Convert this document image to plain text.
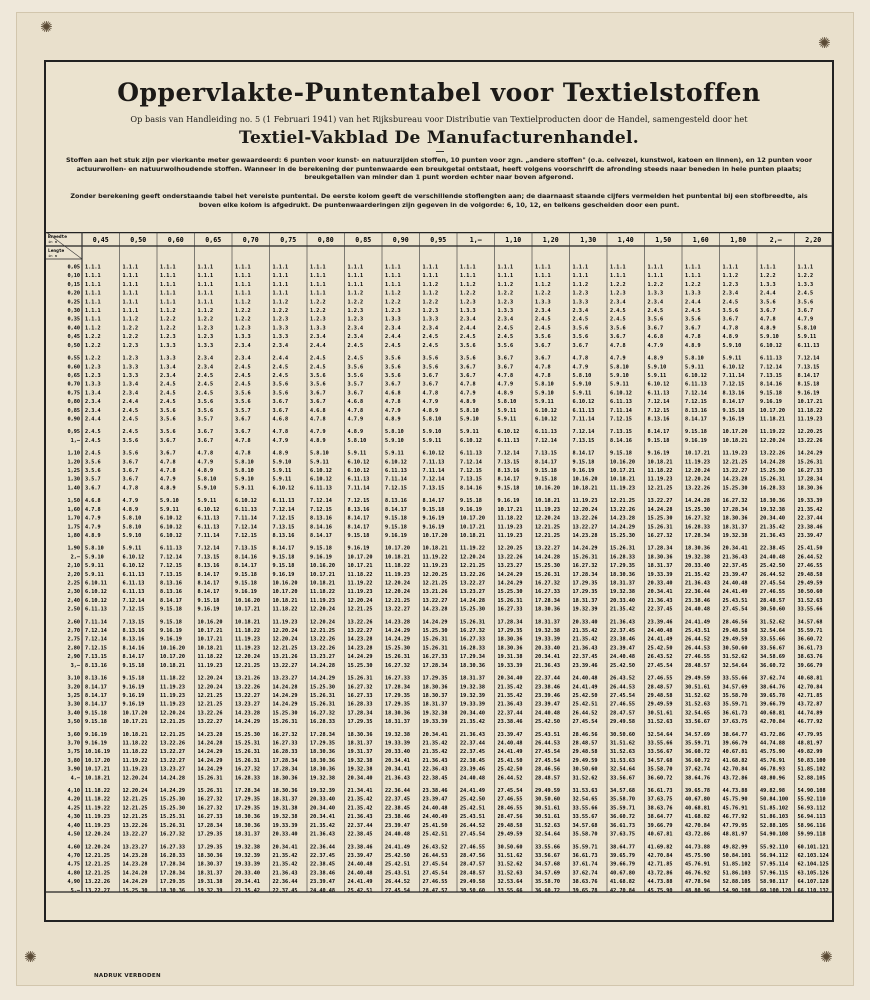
✺
✺
✺	✺
Oppervlakte-Puntentabel voor Textielstoffen
Op basis van Handleiding no. 5 (1 Februari 1941) van het Rijksbureau voor Distributie van Textielproducten door de Handel, samengesteld door het
Textiel-Vakblad De Manufacturenhandel.
Stoffen aan het stuk zijn per vierkante meter gewaardeerd: 6 punten voor kunst- en natuurzijden stoffen, 10 punten voor zgn. „andere stoffen" (o.a. celvezel, kunstwol, katoen en linnen), en 12 punten voor actuurwollen- en natuurwolhoudende stoffen. Wanneer in de berekening der puntenwaarde een breukgetal ontstaat, heeft volgens voorschrift de afronding steeds naar beneden in hele punten plaats; breukgetallen van minder dan 1 punt worden echter naar boven afgerond.
Zonder berekening geeft onderstaande tabel het vereiste puntental. De eerste kolom geeft de verschillende stoflengten aan; de daarnaast staande cijfers vermelden het puntental bij een stofbreedte, als boven elke kolom is afgedrukt. De puntenwaarderingen zijn gegeven in de volgorde: 6, 10, 12, en telkens gescheiden door een punt.
Breedte
in m
Lengte
in m
0,45	0,50	0,60	0,65	0,70	0,75	0,80	0,85	0,90	0,95	1,—	1,10	1,20	1,30	1,40	1,50	1,60	1,80	2,—	2,20
0,05 1.1.1	1.1.1	1.1.1	1.1.1	1.1.1	1.1.1	1.1.1	1.1.1	1.1.1	1.1.1	1.1.1	1.1.1	1.1.1	1.1.1	1.1.1	1.1.1	1.1.1	1.1.1	1.1.1	1.1.1
0,10 1.1.1	1.1.1	1.1.1	1.1.1	1.1.1	1.1.1	1.1.1	1.1.1	1.1.1	1.1.1	1.1.1	1.1.1	1.1.1	1.1.1	1.1.1	1.1.1	1.1.1	1.1.2	1.2.2	1.2.2
0,15 1.1.1	1.1.1	1.1.1	1.1.1	1.1.1	1.1.1	1.1.1	1.1.1	1.1.1	1.1.2	1.1.2	1.1.2	1.1.2	1.1.2	1.2.2	1.2.2	1.2.2	1.2.3	1.3.3	1.3.3
0,20 1.1.1	1.1.1	1.1.1	1.1.1	1.1.1	1.1.1	1.1.1	1.1.2	1.1.2	1.1.2	1.2.2	1.2.2	1.2.2	1.2.3	1.2.3	1.3.3	1.3.3	2.3.4	2.4.4	2.4.5
0,25 1.1.1	1.1.1	1.1.1	1.1.1	1.1.2	1.1.2	1.2.2	1.2.2	1.2.2	1.2.2	1.2.3	1.2.3	1.3.3	1.3.3	2.3.4	2.3.4	2.4.4	2.4.5	3.5.6	3.5.6
0,30 1.1.1	1.1.1	1.1.2	1.1.2	1.2.2	1.2.2	1.2.2	1.2.3	1.2.3	1.2.3	1.3.3	1.3.3	2.3.4	2.3.4	2.4.5	2.4.5	2.4.5	3.5.6	3.6.7	3.6.7
0,35 1.1.1	1.1.2	1.2.2	1.2.2	1.2.2	1.2.3	1.2.3	1.2.3	1.3.3	1.3.3	2.3.4	2.3.4	2.4.5	2.4.5	2.4.5	3.5.6	3.5.6	3.6.7	4.7.8	4.7.9
0,40 1.1.2	1.2.2	1.2.2	1.2.3	1.2.3	1.3.3	1.3.3	2.3.4	2.3.4	2.3.4	2.4.4	2.4.5	2.4.5	3.5.6	3.5.6	3.6.7	3.6.7	4.7.8	4.8.9	5.8.10
0,45 1.2.2	1.2.2	1.2.3	1.2.3	1.3.3	1.3.3	2.3.4	2.3.4	2.4.4	2.4.5	2.4.5	2.4.5	3.5.6	3.5.6	3.6.7	4.6.8	4.7.8	4.8.9	5.9.10	5.9.11
0,50 1.2.2	1.2.3	1.3.3	1.3.3	2.3.4	2.3.4	2.4.4	2.4.5	2.4.5	2.4.5	3.5.6	3.5.6	3.6.7	3.6.7	4.7.8	4.7.9	4.8.9	5.9.10	6.10.12	6.11.13
0,55 1.2.2	1.2.3	1.3.3	2.3.4	2.3.4	2.4.4	2.4.5	2.4.5	3.5.6	3.5.6	3.5.6	3.6.7	3.6.7	4.7.8	4.7.9	4.8.9	5.8.10	5.9.11	6.11.13	7.12.14
0,60 1.2.3	1.3.3	1.3.4	2.3.4	2.4.5	2.4.5	2.4.5	3.5.6	3.5.6	3.5.6	3.6.7	3.6.7	4.7.8	4.7.9	5.8.10	5.9.10	5.9.11	6.10.12	7.12.14	7.13.15
0,65 1.2.3	1.3.3	2.3.4	2.4.5	2.4.5	2.4.5	3.5.6	3.5.6	3.5.6	3.6.7	3.6.7	4.7.8	4.7.8	5.8.10	5.9.10	5.9.11	6.10.12	7.11.14	7.13.15	8.14.17
0,70 1.3.3	1.3.4	2.4.5	2.4.5	2.4.5	3.5.6	3.5.6	3.5.7	3.6.7	3.6.7	4.7.8	4.7.9	5.8.10	5.9.10	5.9.11	6.10.12	6.11.13	7.12.15	8.14.16	8.15.18
0,75 1.3.4	2.3.4	2.4.5	2.4.5	3.5.6	3.5.6	3.6.7	3.6.7	4.6.8	4.7.8	4.7.9	4.8.9	5.9.10	5.9.11	6.10.12	6.11.13	7.12.14	8.13.16	9.15.18	9.16.19
0,80 2.3.4	2.4.4	2.4.5	3.5.6	3.5.6	3.6.7	3.6.7	4.6.8	4.7.8	4.7.9	4.8.9	5.8.10	5.9.11	6.10.12	6.11.13	7.12.14	7.12.15	8.14.17	9.16.19	10.17.21
0,85 2.3.4	2.4.5	3.5.6	3.5.6	3.5.7	3.6.7	4.6.8	4.7.8	4.7.9	4.8.9	5.8.10	5.9.11	6.10.12	6.11.13	7.11.14	7.12.15	8.13.16	9.15.18	10.17.20 11.18.22
0,90 2.4.4	2.4.5	3.5.6	3.5.7	3.6.7	4.6.8	4.7.8	4.7.9	4.8.9	5.8.10	5.9.10	5.9.11	6.10.12	7.11.14	7.12.15	8.13.16	8.14.17	9.16.19	11.18.21 11.19.23
0,95 2.4.5	2.4.5	3.5.6	3.6.7	3.6.7	4.7.8	4.7.9	4.8.9	5.8.10	5.9.10	5.9.11	6.10.12	6.11.13	7.12.14	7.13.15	8.14.17	9.15.18	10.17.20 11.19.22 12.20.25
1,— 2.4.5	3.5.6	3.6.7	3.6.7	4.7.8	4.7.9	4.8.9	5.8.10	5.9.10	5.9.11	6.10.12	6.11.13	7.12.14	7.13.15	8.14.16	9.15.18	9.16.19	10.18.21 12.20.24 13.22.26
1,10 2.4.5	3.5.6	3.6.7	4.7.8	4.7.8	4.8.9	5.8.10	5.9.11	5.9.11	6.10.12	6.11.13	7.12.14	7.13.15	8.14.17	9.15.18	9.16.19	10.17.21 11.19.23 13.22.26 14.24.29
1,20 3.5.6	3.6.7	4.7.8	4.7.9	5.8.10	5.9.10	5.9.11	6.10.12	6.10.12	7.11.13	7.12.14	7.13.15	8.14.17	9.15.18	10.16.20 10.18.21 11.19.23 12.21.25 14.24.28 15.26.31
1,25 3.5.6	3.6.7	4.7.8	4.8.9	5.8.10	5.9.11	6.10.12	6.10.12	6.11.13	7.11.14	7.12.15	8.13.16	9.15.18	9.16.19	10.17.21 11.18.22 12.20.24 13.22.27 15.25.30 16.27.33
1,30 3.5.7	3.6.7	4.7.9	5.8.10	5.9.10	5.9.11	6.10.12	6.11.13	7.11.14	7.12.14	7.13.15	8.14.17	9.15.18	10.16.20 10.18.21 11.19.23 12.20.24 14.23.28 15.26.31 17.28.34
1,40 3.6.7	4.7.8	4.8.9	5.9.10	5.9.11	6.10.12	6.11.13	7.11.14	7.12.15	7.13.15	8.14.16	9.15.18	10.16.20 10.18.21 11.19.23 12.21.25 13.22.26 15.25.30 16.28.33 18.30.36
1,50 4.6.8	4.7.9	5.9.10	5.9.11	6.10.12	6.11.13	7.12.14	7.12.15	8.13.16	8.14.17	9.15.18	9.16.19	10.18.21 11.19.23 12.21.25 13.22.27 14.24.28 16.27.32 18.30.36 19.33.39
1,60 4.7.8	4.8.9	5.9.11	6.10.12	6.11.13	7.12.14	7.12.15	8.13.16	8.14.17	9.15.18	9.16.19	10.17.21 11.19.23 12.20.24 13.22.26 14.24.28 15.25.30 17.28.34 19.32.38 21.35.42
1,70 4.7.9	5.8.10	6.10.12	6.11.13	7.11.14	7.12.15	8.13.16	8.14.17	9.15.18	9.16.19	10.17.20 11.18.22 12.20.24 13.22.26 14.23.28 15.25.30 16.27.32 18.30.36 20.34.40 22.37.44
1,75 4.7.9	5.8.10	6.10.12	6.11.13	7.12.14	7.13.15	8.14.16	8.14.17	9.15.18	9.16.19	10.17.21 11.19.23 12.21.25 13.22.27 14.24.29 15.26.31 16.28.33 18.31.37 21.35.42 23.38.46
1,80 4.8.9	5.9.10	6.10.12	7.11.14	7.12.15	8.13.16	8.14.17	9.15.18	9.16.19	10.17.20 10.18.21 11.19.23 12.21.25 14.23.28 15.25.30 16.27.32 17.28.34 19.32.38 21.36.43 23.39.47
1,90 5.8.10	5.9.11	6.11.13	7.12.14	7.13.15	8.14.17	9.15.18	9.16.19	10.17.20 10.18.21 11.19.22 12.20.25 13.22.27 14.24.29 15.26.31 17.28.34 18.30.36 20.34.41 22.38.45 25.41.50
2,— 5.9.10	6.10.12	7.12.14	7.13.15	8.14.16	9.15.18	9.16.19	10.17.20 10.18.21 11.19.22 12.20.24 13.22.26 14.24.28 15.26.31 16.28.33 18.30.36 19.32.38 21.36.43 24.40.48 26.44.52
2,10 5.9.11	6.10.12	7.12.15	8.13.16	8.14.17	9.15.18	10.16.20 10.17.21 11.18.22 11.19.23 12.21.25 13.23.27 15.25.30 16.27.32 17.29.35 18.31.37 20.33.40 22.37.45 25.42.50 27.46.55
2,20 5.9.11	6.11.13	7.13.15	8.14.17	9.15.18	9.16.19	10.17.21 11.18.22 11.19.23 12.20.25 13.22.26 14.24.29 15.26.31 17.28.34 18.30.36 19.33.39 21.35.42 23.39.47 26.44.52 29.48.58
2,25 6.10.11	6.11.13	8.13.16	8.14.17	9.15.18	10.16.20 10.18.21 11.19.22 12.20.24 12.21.25 13.22.27 14.24.29 16.27.32 17.29.35 18.31.37 20.33.40 21.36.43 24.40.48 27.45.54 29.49.59
2,30 6.10.12	6.11.13	8.13.16	8.14.17	9.16.19	10.17.20 11.18.22 11.19.23 12.20.24 13.21.26 13.23.27 15.25.30 16.27.33 17.29.35 19.32.38 20.34.41 22.36.44 24.41.49 27.46.55 30.50.60
2,40 6.10.12	7.12.14	8.14.17	9.15.18	10.16.20 10.18.21 11.19.23 12.20.24 12.21.25 13.22.27 14.24.28 15.26.31 17.28.34 18.31.37 20.33.40 21.36.43 23.38.46 25.43.51 28.48.57 31.52.63
2,50 6.11.13	7.12.15	9.15.18	9.16.19	10.17.21 11.18.22 12.20.24 12.21.25 13.22.27 14.23.28 15.25.30 16.27.33 18.30.36 19.32.39 21.35.42 22.37.45 24.40.48 27.45.54 30.50.60 33.55.66
2,60 7.11.14	7.13.15	9.15.18	10.16.20 10.18.21 11.19.23 12.20.24 13.22.26 14.23.28 14.24.29 15.26.31 17.28.34 18.31.37 20.33.40 21.36.43 23.39.46 24.41.49 28.46.56 31.52.62 34.57.68
2,70 7.12.14	8.13.16	9.16.19	10.17.21 11.18.22 12.20.24 12.21.25 13.22.27 14.24.29 15.25.30 16.27.32 17.29.35 19.32.38 21.35.42 22.37.45 24.40.48 25.43.51 29.48.58 32.54.64 35.59.71
2,75 7.12.14	8.13.16	9.16.19	10.17.21 11.19.23 12.20.24 13.22.26 14.23.28 14.24.29 15.26.31 16.27.33 18.30.36 19.33.39 21.35.42 23.38.46 24.41.49 26.44.52 29.49.59 33.55.66 36.60.72
2,80 7.12.15	8.14.16	10.16.20 10.18.21 11.19.23 12.21.25 13.22.26 14.23.28 15.25.30 15.26.31 16.28.33 18.30.36 20.33.40 21.36.43 23.39.47 25.42.50 26.44.53 30.50.60 33.56.67 36.61.73
2,90 7.13.15	8.14.17	10.17.20 11.18.22 12.20.24 13.21.26 13.23.27 14.24.29 15.26.31 16.27.33 17.29.34 19.31.38 20.34.41 22.37.45 24.40.48 26.43.52 27.46.55 31.52.62 34.58.69 38.63.76
3,— 8.13.16	9.15.18	10.18.21 11.19.23 12.21.25 13.22.27 14.24.28 15.25.30 16.27.32 17.28.34 18.30.36 19.33.39 21.36.43 23.39.46 25.42.50 27.45.54 28.48.57 32.54.64 36.60.72 39.66.79
3,10 8.13.16	9.15.18	11.18.22 12.20.24 13.21.26 13.23.27 14.24.29 15.26.31 16.27.33 17.29.35 18.31.37 20.34.40 22.37.44 24.40.48 26.43.52 27.46.55 29.49.59 33.55.66 37.62.74 40.68.81
3,20 8.14.17	9.16.19	11.19.23 12.20.24 13.22.26 14.24.28 15.25.30 16.27.32 17.28.34 18.30.36 19.32.38 21.35.42 23.38.46 24.41.49 26.44.53 28.48.57 30.51.61 34.57.69 38.64.76 42.70.84
3,25 8.14.17	9.16.19	11.19.23 12.21.25 13.22.27 14.24.29 15.26.31 16.27.33 17.29.35 18.30.37 19.32.39 21.35.42 23.39.46 25.42.50 27.45.54 29.48.58 31.52.62 35.58.70 39.65.78 42.71.85
3,30 8.14.17	9.16.19	11.19.23 12.21.25 13.23.27 14.24.29 15.26.31 16.28.33 17.29.35 18.31.37 19.33.39 21.36.43 23.39.47 25.42.51 27.46.55 29.49.59 31.52.63 35.59.71 39.66.79 43.72.87
3,40 9.15.18	10.17.20 12.20.24 13.22.26 14.23.28 15.25.30 16.27.32 17.28.34 18.30.36 19.32.38 20.34.40 22.37.44 24.40.48 26.44.52 28.47.57 30.51.61 32.54.65 36.61.73 40.68.81 44.74.89
3,50 9.15.18	10.17.21 12.21.25 13.22.27 14.24.29 15.26.31 16.28.33 17.29.35 18.31.37 19.33.39 21.35.42 23.38.46 25.42.50 27.45.54 29.49.58 31.52.63 33.56.67 37.63.75 42.70.84 46.77.92
3,60 9.16.19	10.18.21 12.21.25 14.23.28 15.25.30 16.27.32 17.28.34 18.30.36 19.32.38 20.34.41 21.36.43 23.39.47 25.43.51 28.46.56 30.50.60 32.54.64 34.57.69 38.64.77 43.72.86 47.79.95
3,70 9.16.19	11.18.22 13.22.26 14.24.28 15.25.31 16.27.33 17.29.35 18.31.37 19.33.39 21.35.42 22.37.44 24.40.48 26.44.53 28.48.57 31.51.62 33.55.66 35.59.71 39.66.79 44.74.88 48.81.97
3,75 10.16.19 11.18.22 13.22.27 14.24.29 15.26.31 16.28.33 18.30.36 19.31.37 20.33.40 21.35.42 22.37.45 24.41.49 27.45.54 29.48.58 31.52.63 33.56.67 36.60.72 40.67.81 45.75.90 49.82.99
3,80 10.17.20 11.19.22 13.22.27 14.24.29 15.26.31 17.28.34 18.30.36 19.32.38 20.34.41 21.36.43 22.38.45 25.41.50 27.45.54 29.49.59 31.53.63 34.57.68 36.60.72 41.68.82 45.76.91 50.83.100
3,90 10.17.21 11.19.23 13.23.27 14.24.29 16.27.32 17.28.34 18.30.36 19.32.38 20.34.41 22.36.43 23.39.46 25.42.50 28.46.56 30.50.60 32.54.64 35.58.70 37.62.74 42.70.84 46.78.93 51.85.102
4,— 10.18.21 12.20.24 14.24.28 15.26.31 16.28.33 18.30.36 19.32.38 20.34.40 21.36.43 22.38.45 24.40.48 26.44.52 28.48.57 31.52.62 33.56.67 36.60.72 38.64.76 43.72.86 48.80.96 52.88.105
4,10 11.18.22 12.20.24 14.24.29 15.26.31 17.28.34 18.30.36 19.32.39 21.34.41 22.36.44 23.38.46 24.41.49 27.45.54 29.49.59 31.53.63 34.57.68 36.61.73 39.65.78 44.73.88 49.82.98 54.90.108
4,20 11.18.22 12.21.25 15.25.30 16.27.32 17.29.35 18.31.37 20.33.40 21.35.42 22.37.45 23.39.47 25.42.50 27.46.55 30.50.60 32.54.65 35.58.70 37.63.75 40.67.80 45.75.90 50.84.100 55.92.110
4,25 11.19.22 12.21.25 15.25.30 16.27.32 17.29.35 19.31.38 20.34.40 21.35.42 22.38.45 24.40.48 25.42.51 28.46.55 30.51.61 33.55.66 35.59.71 38.63.76 40.68.81 45.76.91 51.85.102 56.93.112
4,30 11.19.23 12.21.25 15.25.31 16.27.33 18.30.36 19.32.38 20.34.41 21.36.43 23.38.46 24.40.49 25.43.51 28.47.56 30.51.61 33.55.67 36.60.72 38.64.77 41.68.82 46.77.92 51.86.103 56.94.113
4,40 11.19.23 13.22.26 15.26.31 17.28.34 18.30.36 19.33.39 21.35.42 22.37.44 23.39.47 25.41.50 26.44.52 29.48.58 31.52.63 34.57.68 36.61.73 39.66.79 42.70.84 47.79.95 52.88.105 58.96.116
4,50 12.20.24 13.22.27 16.27.32 17.29.35 18.31.37 20.33.40 21.36.43 22.38.45 24.40.48 25.42.51 27.45.54 29.49.59 32.54.64 35.58.70 37.63.75 40.67.81 43.72.86 48.81.97 54.90.108 59.99.118
4,60 12.20.24 13.23.27 16.27.33 17.29.35 19.32.38 20.34.41 22.36.44 23.38.46 24.41.49 26.43.52 27.46.55 30.50.60 33.55.66 35.59.71 38.64.77 41.69.82 44.73.88 49.82.99 55.92.110 60.101.121
4,70 12.21.25 14.23.28 16.28.33 18.30.36 19.32.39 21.35.42 22.37.45 23.39.47 25.42.50 26.44.53 28.47.56 31.51.62 33.56.67 36.61.73 39.65.79 42.70.84 45.75.90 50.84.101 56.94.112 62.103.124
4,75 12.21.25 14.23.28 17.28.34 18.30.37 19.33.39 21.35.42 22.38.45 24.40.48 25.42.51 27.45.54 28.47.57 31.52.62 34.57.68 37.61.74 39.66.79 42.71.85 45.76.91 51.85.102 57.95.114 62.104.125
4,80 12.21.25 14.24.28 17.28.34 18.31.37 20.33.40 21.36.43 23.38.46 24.40.48 25.43.51 27.45.54 28.48.57 31.52.63 34.57.69 37.62.74 40.67.80 43.72.86 46.76.92 51.86.103 57.96.115 63.105.126
4,90 13.22.26 14.24.29 17.29.35 19.31.38 20.34.41 22.36.44 23.39.47 24.41.49 26.44.52 27.46.55 29.49.58 32.53.64 35.58.70 38.63.76 41.68.82 44.73.88 47.78.94 52.88.105 58.98.117 64.107.128
5,— 13.22.27 15.25.30 18.30.36 19.32.39 21.35.42 22.37.45 24.40.48 25.42.51 27.45.54 28.47.57 30.50.60 33.55.66 36.60.72 39.65.78 42.70.84 45.75.90 48.80.96 54.90.108 60.100.120 66.110.132
NADRUK VERBODEN
